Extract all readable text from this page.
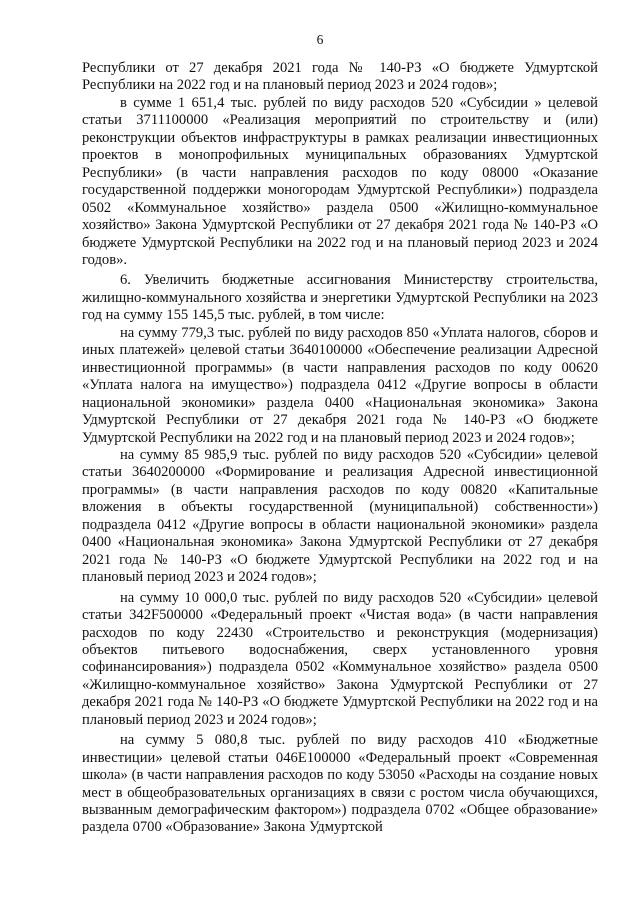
6

Республики от 27 декабря 2021 года № 140-РЗ «О бюджете Удмуртской Республики на 2022 год и на плановый период 2023 и 2024 годов»;

в сумме 1 651,4 тыс. рублей по виду расходов 520 «Субсидии » целевой статьи 3711100000 «Реализация мероприятий по строительству и (или) реконструкции объектов инфраструктуры в рамках реализации инвестиционных проектов в монопрофильных муниципальных образованиях Удмуртской Республики» (в части направления расходов по коду 08000 «Оказание государственной поддержки моногородам Удмуртской Республики») подраздела 0502 «Коммунальное хозяйство» раздела 0500 «Жилищно-коммунальное хозяйство» Закона Удмуртской Республики от 27 декабря 2021 года № 140-РЗ «О бюджете Удмуртской Республики на 2022 год и на плановый период 2023 и 2024 годов».

6. Увеличить бюджетные ассигнования Министерству строительства, жилищно-коммунального хозяйства и энергетики Удмуртской Республики на 2023 год на сумму 155 145,5 тыс. рублей, в том числе:

на сумму 779,3 тыс. рублей по виду расходов 850 «Уплата налогов, сборов и иных платежей» целевой статьи 3640100000 «Обеспечение реализации Адресной инвестиционной программы» (в части направления расходов по коду 00620 «Уплата налога на имущество») подраздела 0412 «Другие вопросы в области национальной экономики» раздела 0400 «Национальная экономика» Закона Удмуртской Республики от 27 декабря 2021 года № 140-РЗ «О бюджете Удмуртской Республики на 2022 год и на плановый период 2023 и 2024 годов»;

на сумму 85 985,9 тыс. рублей по виду расходов 520 «Субсидии» целевой статьи 3640200000 «Формирование и реализация Адресной инвестиционной программы» (в части направления расходов по коду 00820 «Капитальные вложения в объекты государственной (муниципальной) собственности») подраздела 0412 «Другие вопросы в области национальной экономики» раздела 0400 «Национальная экономика» Закона Удмуртской Республики от 27 декабря 2021 года № 140-РЗ «О бюджете Удмуртской Республики на 2022 год и на плановый период 2023 и 2024 годов»;

на сумму 10 000,0 тыс. рублей по виду расходов 520 «Субсидии» целевой статьи 342F500000 «Федеральный проект «Чистая вода» (в части направления расходов по коду 22430 «Строительство и реконструкция (модернизация) объектов питьевого водоснабжения, сверх установленного уровня софинансирования») подраздела 0502 «Коммунальное хозяйство» раздела 0500 «Жилищно-коммунальное хозяйство» Закона Удмуртской Республики от 27 декабря 2021 года № 140-РЗ «О бюджете Удмуртской Республики на 2022 год и на плановый период 2023 и 2024 годов»;

на сумму 5 080,8 тыс. рублей по виду расходов 410 «Бюджетные инвестиции» целевой статьи 046Е100000 «Федеральный проект «Современная школа» (в части направления расходов по коду 53050 «Расходы на создание новых мест в общеобразовательных организациях в связи с ростом числа обучающихся, вызванным демографическим фактором») подраздела 0702 «Общее образование» раздела 0700 «Образование» Закона Удмуртской
